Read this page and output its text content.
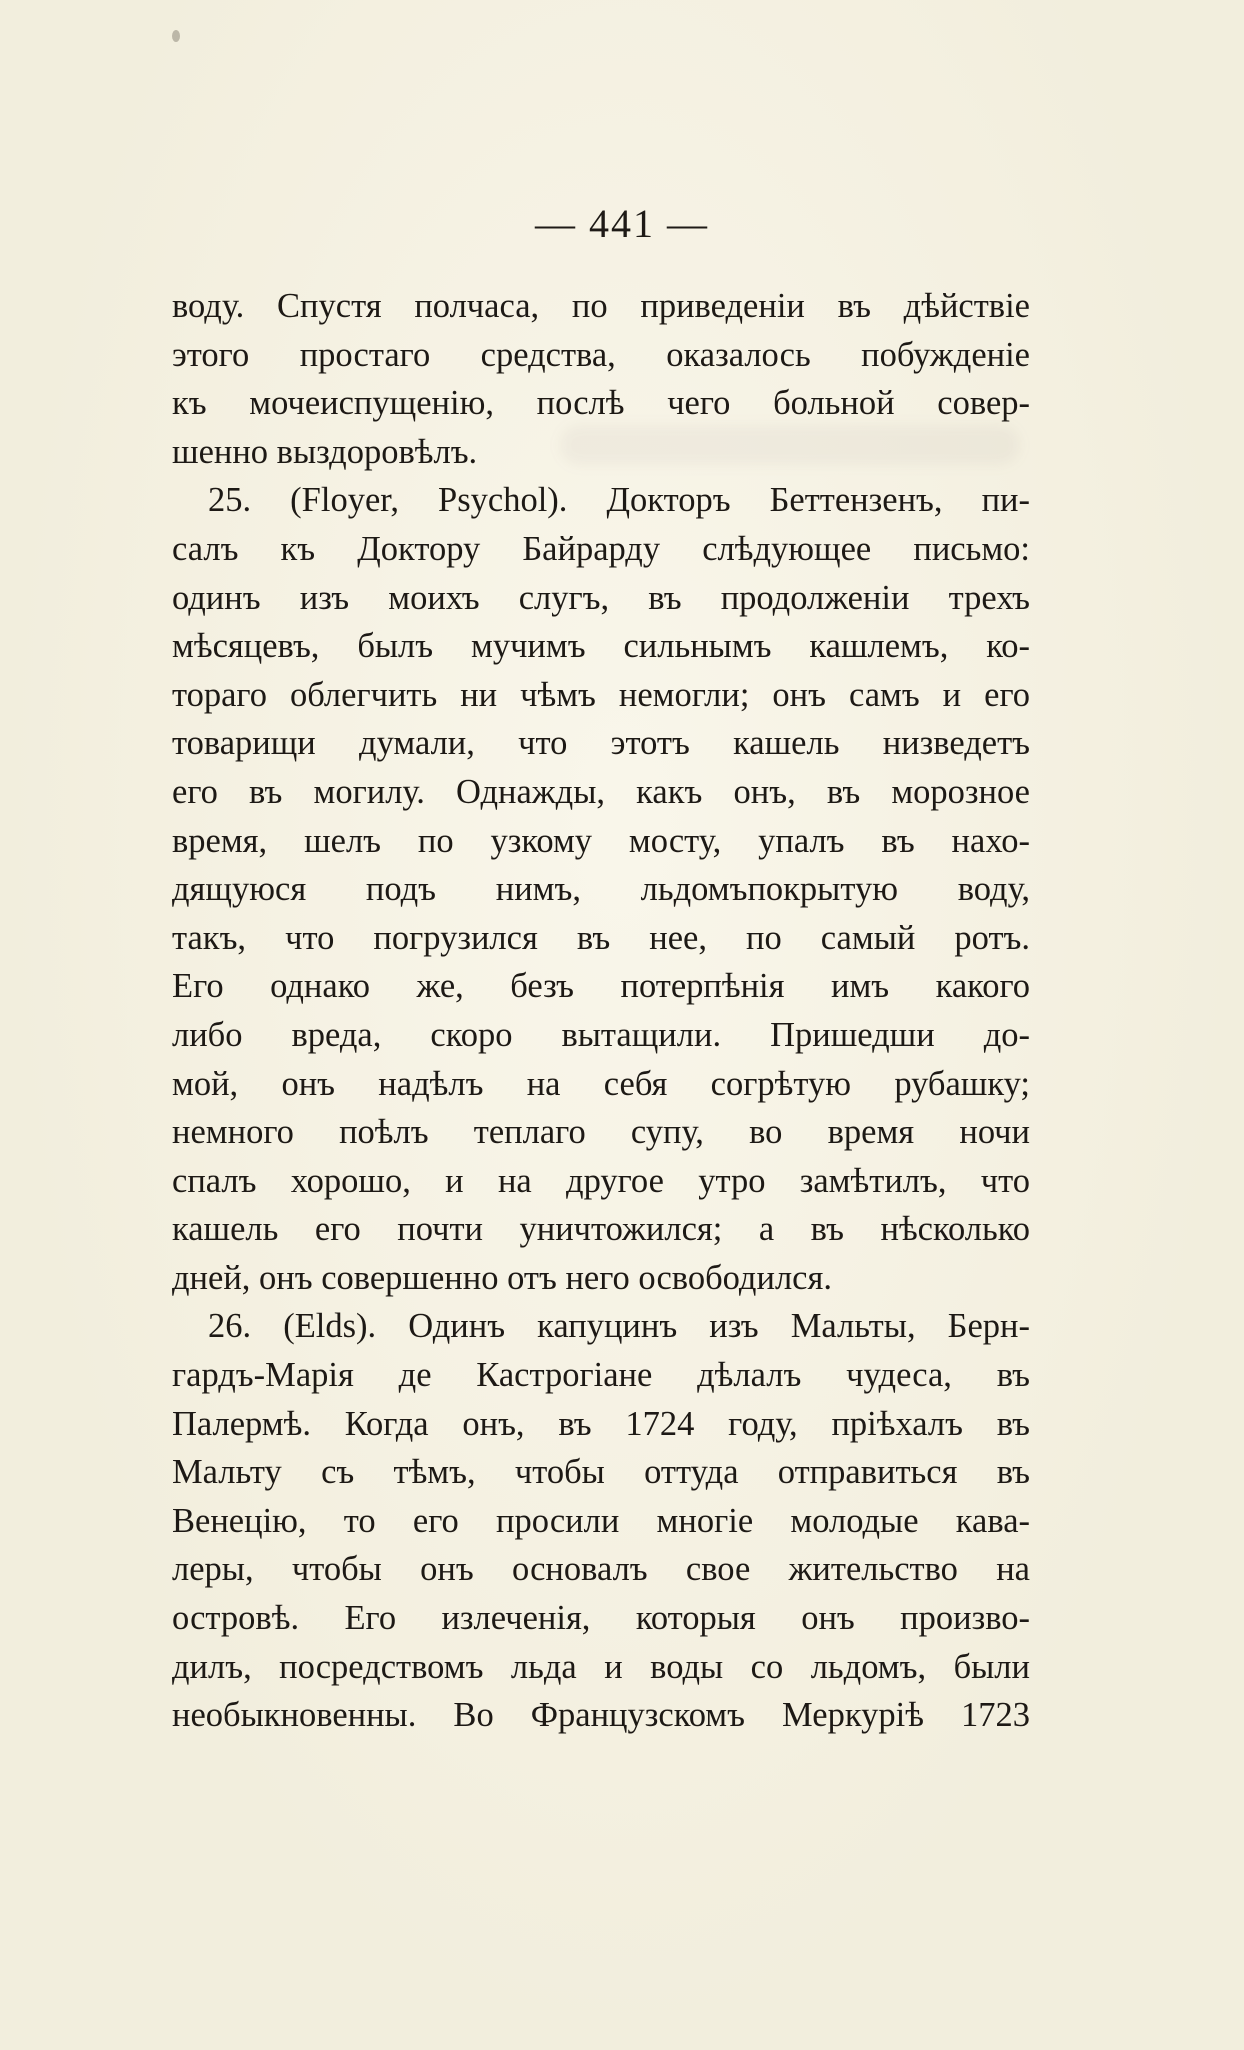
— 441 —
воду. Спустя полчаса, по приведенiи въ дѣйствiе
этого простаго средства, оказалось побужденiе
къ мочеиспущенiю, послѣ чего больной совер-
шенно выздоровѣлъ.
25. (Floyer, Psychol). Докторъ Беттензенъ, пи-
салъ къ Доктору Байрарду слѣдующее письмо:
одинъ изъ моихъ слугъ, въ продолженiи трехъ
мѣсяцевъ, былъ мучимъ сильнымъ кашлемъ, ко-
тораго облегчить ни чѣмъ немогли; онъ самъ и его
товарищи думали, что этотъ кашель низведетъ
его въ могилу. Однажды, какъ онъ, въ морозное
время, шелъ по узкому мосту, упалъ въ нахо-
дящуюся подъ нимъ, льдомъпокрытую воду,
такъ, что погрузился въ нее, по самый ротъ.
Его однако же, безъ потерпѣнiя имъ какого
либо вреда, скоро вытащили. Пришедши до-
мой, онъ надѣлъ на себя согрѣтую рубашку;
немного поѣлъ теплаго супу, во время ночи
спалъ хорошо, и на другое утро замѣтилъ, что
кашель его почти уничтожился; а въ нѣсколько
дней, онъ совершенно отъ него освободился.
26. (Elds). Одинъ капуцинъ изъ Мальты, Берн-
гардъ-Марiя де Кастрогiане дѣлалъ чудеса, въ
Палермѣ. Когда онъ, въ 1724 году, прiѣхалъ въ
Мальту съ тѣмъ, чтобы оттуда отправиться въ
Венецiю, то его просили многiе молодые кава-
леры, чтобы онъ основалъ свое жительство на
островѣ. Его излеченiя, которыя онъ произво-
дилъ, посредствомъ льда и воды со льдомъ, были
необыкновенны. Во Французскомъ Меркурiѣ 1723
